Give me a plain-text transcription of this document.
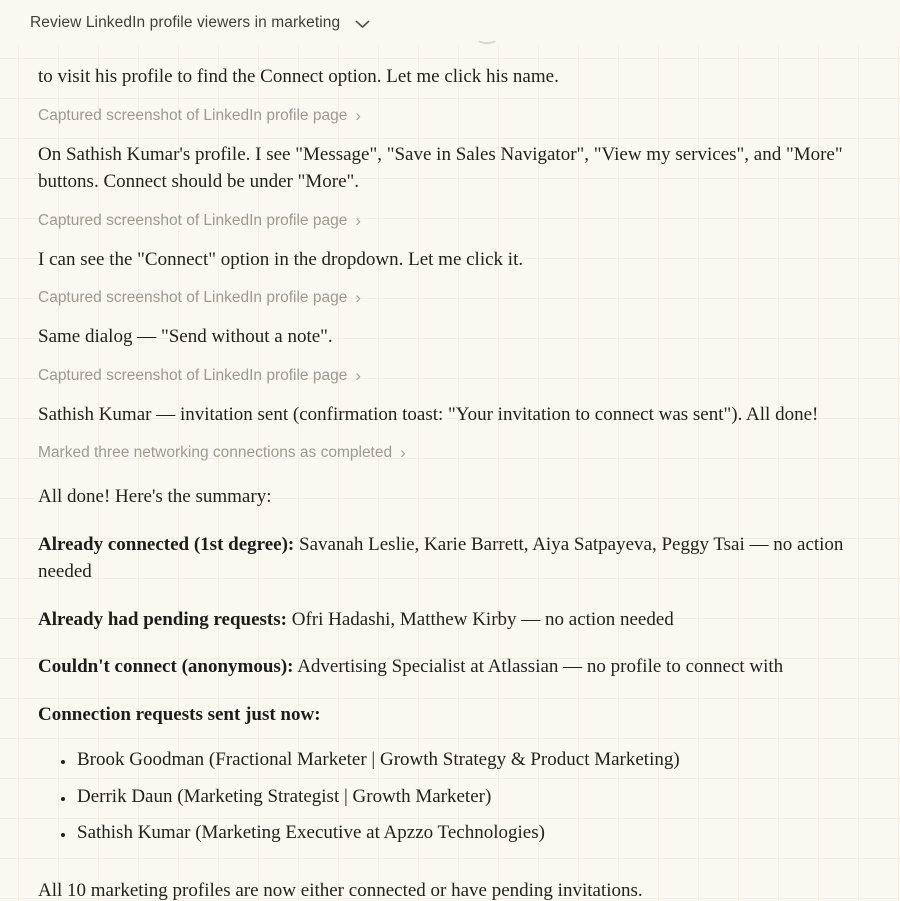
Review LinkedIn profile viewers in marketing

to visit his profile to find the Connect option. Let me click his name.

Captured screenshot of LinkedIn profile page ›

On Sathish Kumar's profile. I see "Message", "Save in Sales Navigator", "View my services", and "More" buttons. Connect should be under "More".

Captured screenshot of LinkedIn profile page ›

I can see the "Connect" option in the dropdown. Let me click it.

Captured screenshot of LinkedIn profile page ›

Same dialog — "Send without a note".

Captured screenshot of LinkedIn profile page ›

Sathish Kumar — invitation sent (confirmation toast: "Your invitation to connect was sent"). All done!

Marked three networking connections as completed ›

All done! Here's the summary:

Already connected (1st degree): Savanah Leslie, Karie Barrett, Aiya Satpayeva, Peggy Tsai — no action needed

Already had pending requests: Ofri Hadashi, Matthew Kirby — no action needed

Couldn't connect (anonymous): Advertising Specialist at Atlassian — no profile to connect with

Connection requests sent just now:

• Brook Goodman (Fractional Marketer | Growth Strategy & Product Marketing)
• Derrik Daun (Marketing Strategist | Growth Marketer)
• Sathish Kumar (Marketing Executive at Apzzo Technologies)

All 10 marketing profiles are now either connected or have pending invitations.
